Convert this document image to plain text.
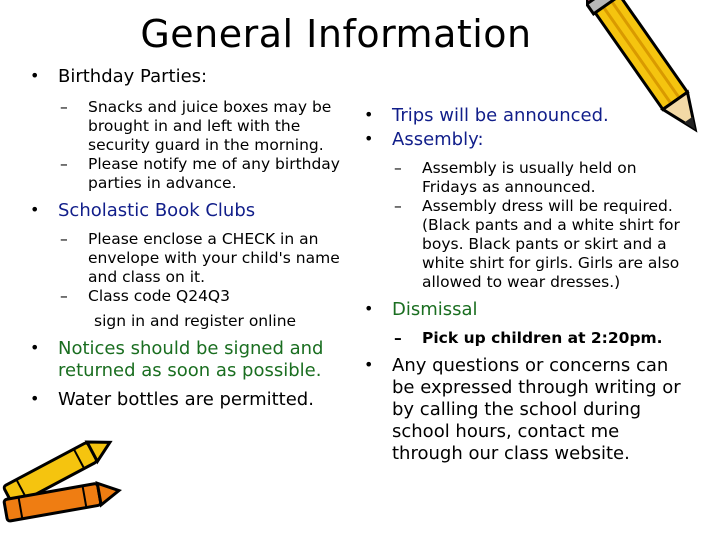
General Information
• Birthday Parties:
– Snacks and juice boxes may be brought in and left with the security guard in the morning.
– Please notify me of any birthday parties in advance.
• Scholastic Book Clubs
– Please enclose a CHECK in an envelope with your child's name and class on it.
– Class code Q24Q3
sign in and register online
• Notices should be signed and returned as soon as possible.
• Water bottles are permitted.
• Trips will be announced.
• Assembly:
– Assembly is usually held on Fridays as announced.
– Assembly dress will be required. (Black pants and a white shirt for boys. Black pants or skirt and a white shirt for girls. Girls are also allowed to wear dresses.)
• Dismissal
– Pick up children at 2:20pm.
• Any questions or concerns can be expressed through writing or by calling the school during school hours, contact me through our class website.
